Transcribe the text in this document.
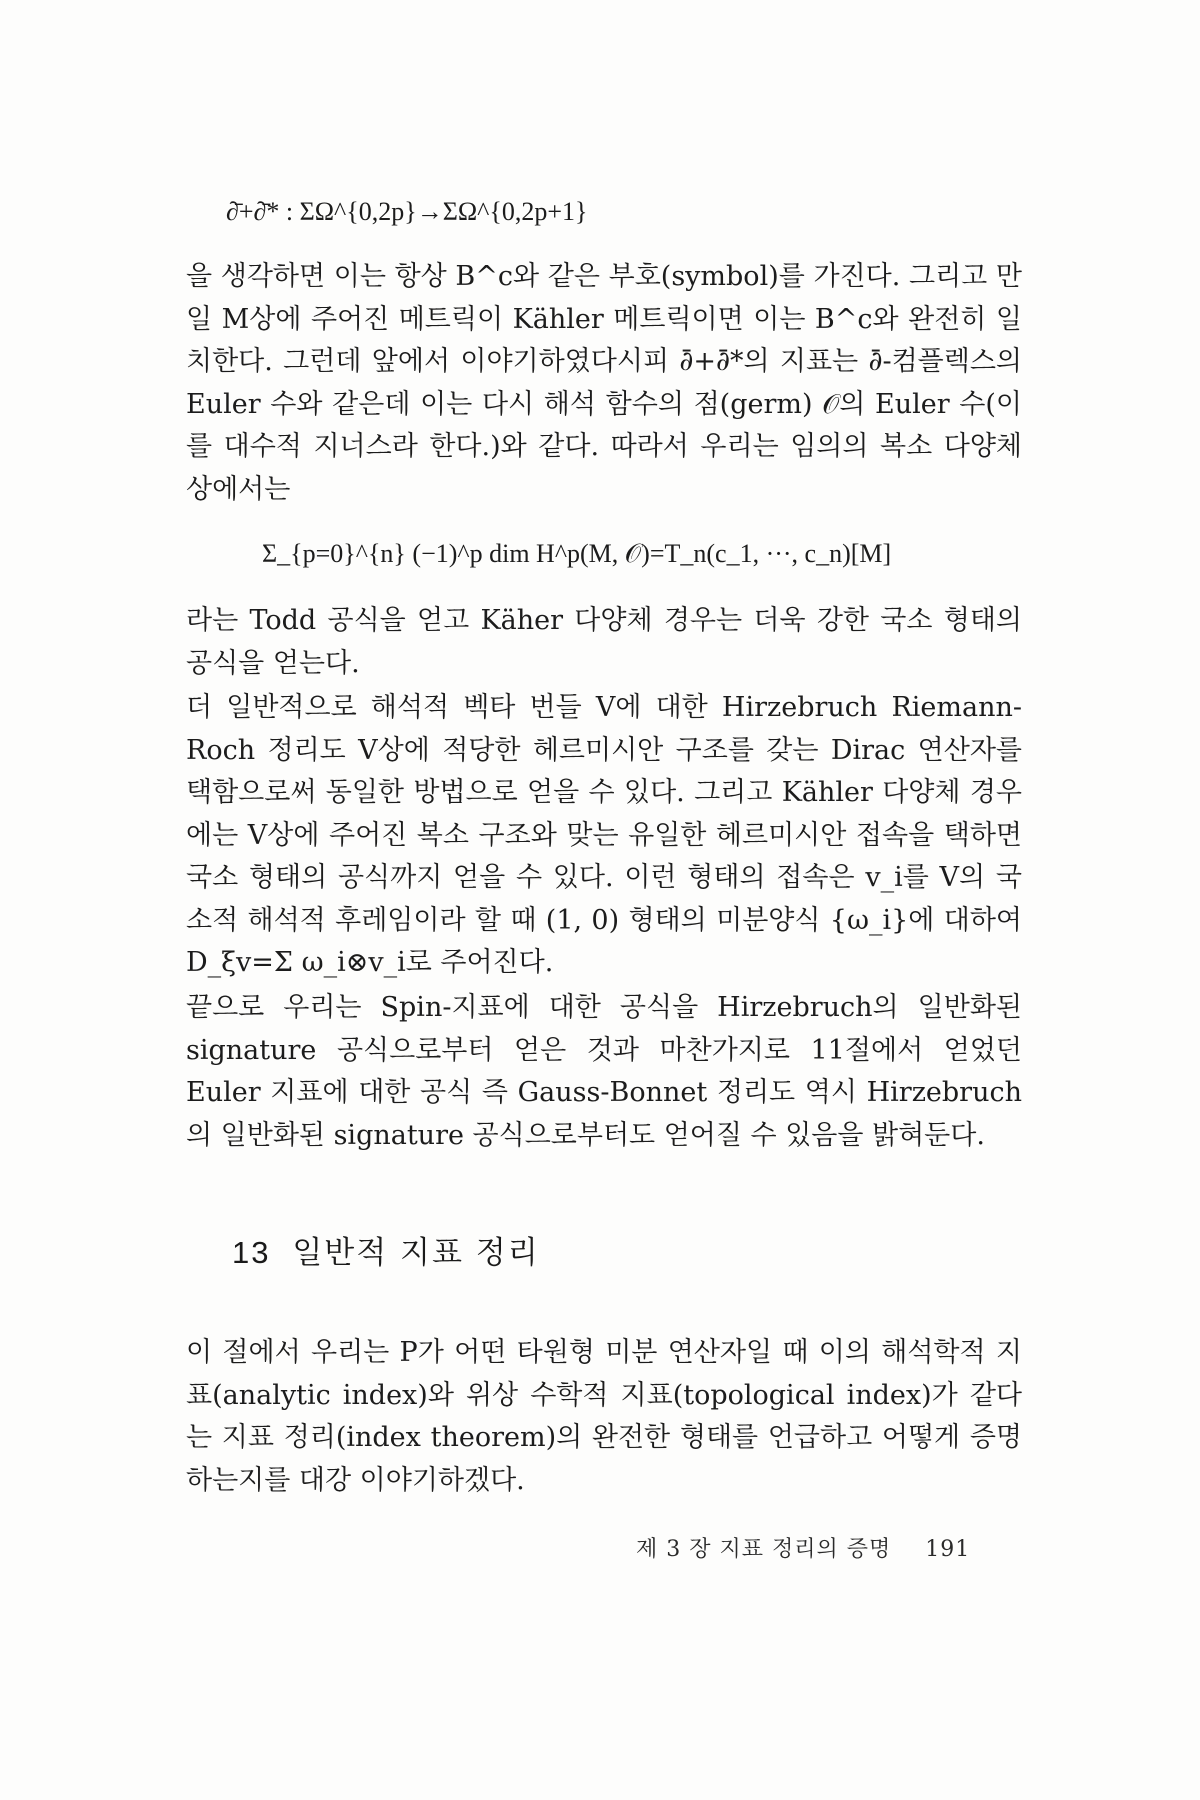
∂̄+∂̄* : ΣΩ^{0,2p}→ΣΩ^{0,2p+1}
을 생각하면 이는 항상 B^c와 같은 부호(symbol)를 가진다. 그리고 만일 M상에 주어진 메트릭이 Kähler 메트릭이면 이는 B^c와 완전히 일치한다. 그런데 앞에서 이야기하였다시피 ∂̄+∂̄*의 지표는 ∂̄-컴플렉스의 Euler 수와 같은데 이는 다시 해석 함수의 점(germ) 𝒪의 Euler 수(이를 대수적 지너스라 한다.)와 같다. 따라서 우리는 임의의 복소 다양체 상에서는
Σ_{p=0}^{n} (−1)^p dim H^p(M, 𝒪)=T_n(c_1, ···, c_n)[M]
라는 Todd 공식을 얻고 Käher 다양체 경우는 더욱 강한 국소 형태의 공식을 얻는다.
더 일반적으로 해석적 벡타 번들 V에 대한 Hirzebruch Riemann-Roch 정리도 V상에 적당한 헤르미시안 구조를 갖는 Dirac 연산자를 택함으로써 동일한 방법으로 얻을 수 있다. 그리고 Kähler 다양체 경우에는 V상에 주어진 복소 구조와 맞는 유일한 헤르미시안 접속을 택하면 국소 형태의 공식까지 얻을 수 있다. 이런 형태의 접속은 v_i를 V의 국소적 해석적 후레임이라 할 때 (1, 0) 형태의 미분양식 {ω_i}에 대하여 D_ξv=Σ ω_i⊗v_i로 주어진다.
끝으로 우리는 Spin-지표에 대한 공식을 Hirzebruch의 일반화된 signature 공식으로부터 얻은 것과 마찬가지로 11절에서 얻었던 Euler 지표에 대한 공식 즉 Gauss-Bonnet 정리도 역시 Hirzebruch의 일반화된 signature 공식으로부터도 얻어질 수 있음을 밝혀둔다.
13 일반적 지표 정리
이 절에서 우리는 P가 어떤 타원형 미분 연산자일 때 이의 해석학적 지표(analytic index)와 위상 수학적 지표(topological index)가 같다는 지표 정리(index theorem)의 완전한 형태를 언급하고 어떻게 증명하는지를 대강 이야기하겠다.
제 3 장 지표 정리의 증명 191
